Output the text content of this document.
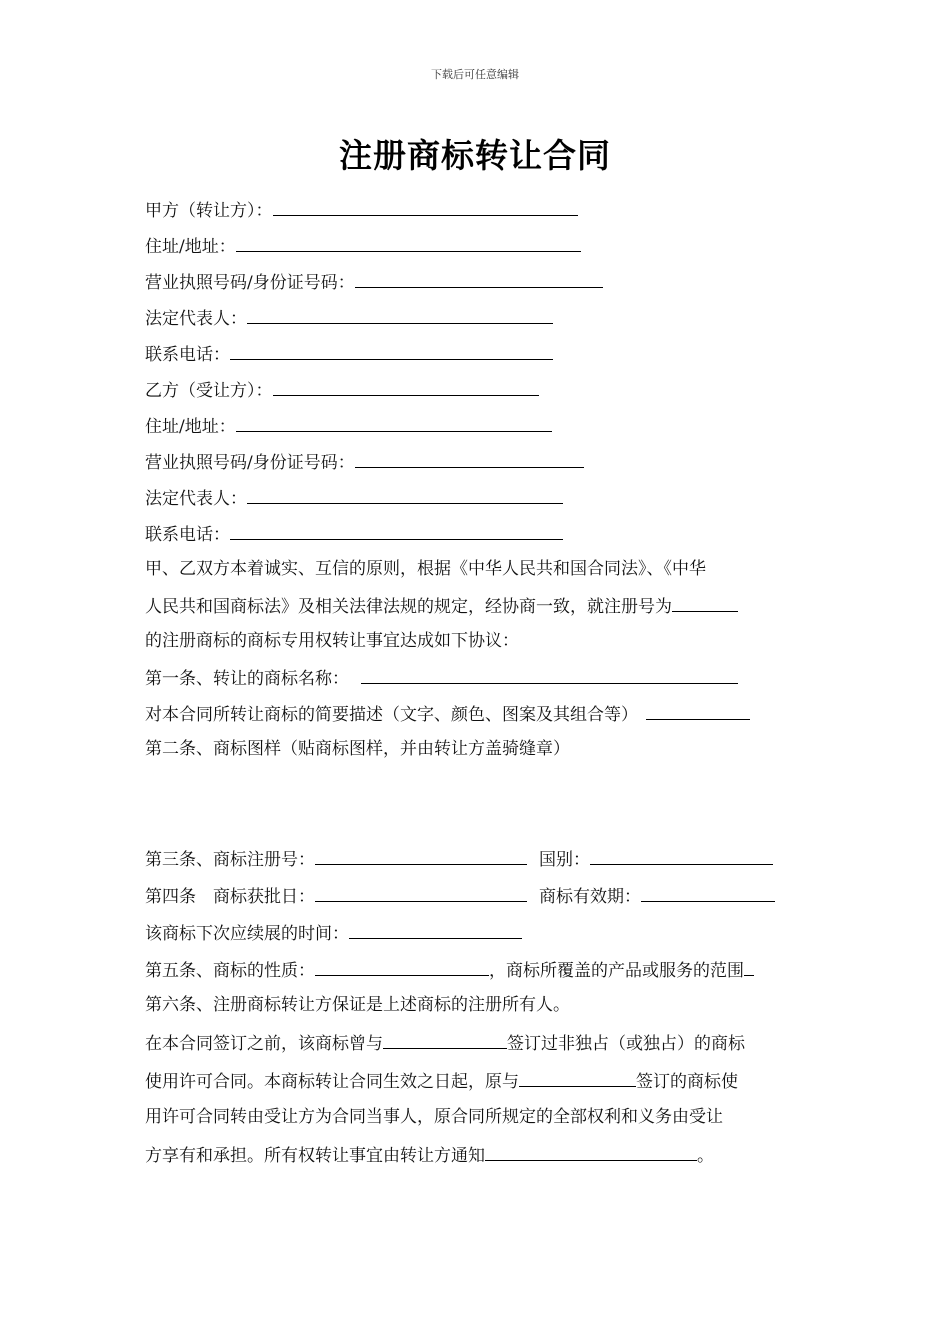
下载后可任意编辑
注册商标转让合同
甲方（转让方）：
住址/地址：
营业执照号码/身份证号码：
法定代表人：
联系电话：
乙方（受让方）：
住址/地址：
营业执照号码/身份证号码：
法定代表人：
联系电话：
甲、乙双方本着诚实、互信的原则，根据《中华人民共和国合同法》、《中华
人民共和国商标法》及相关法律法规的规定，经协商一致，就注册号为
的注册商标的商标专用权转让事宜达成如下协议：
第一条、转让的商标名称：
对本合同所转让商标的简要描述（文字、颜色、图案及其组合等）
第二条、商标图样（贴商标图样，并由转让方盖骑缝章）
第三条、商标注册号：	国别：
第四条　商标获批日：	商标有效期：
该商标下次应续展的时间：
第五条、商标的性质：	，商标所覆盖的产品或服务的范围
第六条、注册商标转让方保证是上述商标的注册所有人。
在本合同签订之前，该商标曾与	签订过非独占（或独占）的商标
使用许可合同。本商标转让合同生效之日起，原与	签订的商标使
用许可合同转由受让方为合同当事人，原合同所规定的全部权利和义务由受让
方享有和承担。所有权转让事宜由转让方通知	。
